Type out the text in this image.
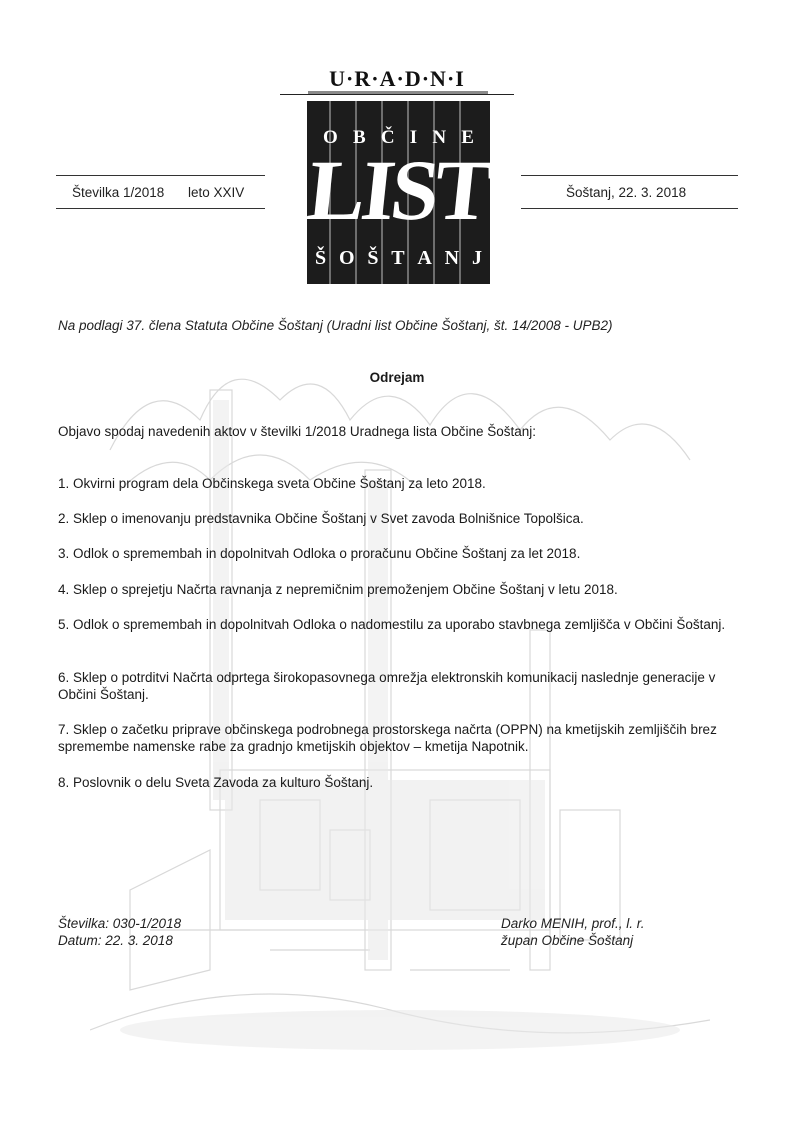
U·R·A·D·N·I
O B Č I N E
LIST
Š O Š T A N J
Številka 1/2018 leto XXIV	Šoštanj, 22. 3. 2018
Na podlagi 37. člena Statuta Občine Šoštanj (Uradni list Občine Šoštanj, št. 14/2008 - UPB2)
Odrejam
Objavo spodaj navedenih aktov v številki 1/2018 Uradnega lista Občine Šoštanj:
1. Okvirni program dela Občinskega sveta Občine Šoštanj za leto 2018.
2. Sklep o imenovanju predstavnika Občine Šoštanj v Svet zavoda Bolnišnice Topolšica.
3. Odlok o spremembah in dopolnitvah Odloka o proračunu Občine Šoštanj za let 2018.
4. Sklep o sprejetju Načrta ravnanja z nepremičnim premoženjem Občine Šoštanj v letu 2018.
5. Odlok o spremembah in dopolnitvah Odloka o nadomestilu za uporabo stavbnega zemljišča v Občini Šoštanj.
6. Sklep o potrditvi Načrta odprtega širokopasovnega omrežja elektronskih komunikacij naslednje generacije v Občini Šoštanj.
7. Sklep o začetku priprave občinskega podrobnega prostorskega načrta (OPPN) na kmetijskih zemljiščih brez spremembe namenske rabe za gradnjo kmetijskih objektov – kmetija Napotnik.
8. Poslovnik o delu Sveta Zavoda za kulturo Šoštanj.
Številka: 030-1/2018
Datum: 22. 3. 2018
Darko MENIH, prof., l. r.
župan Občine Šoštanj
